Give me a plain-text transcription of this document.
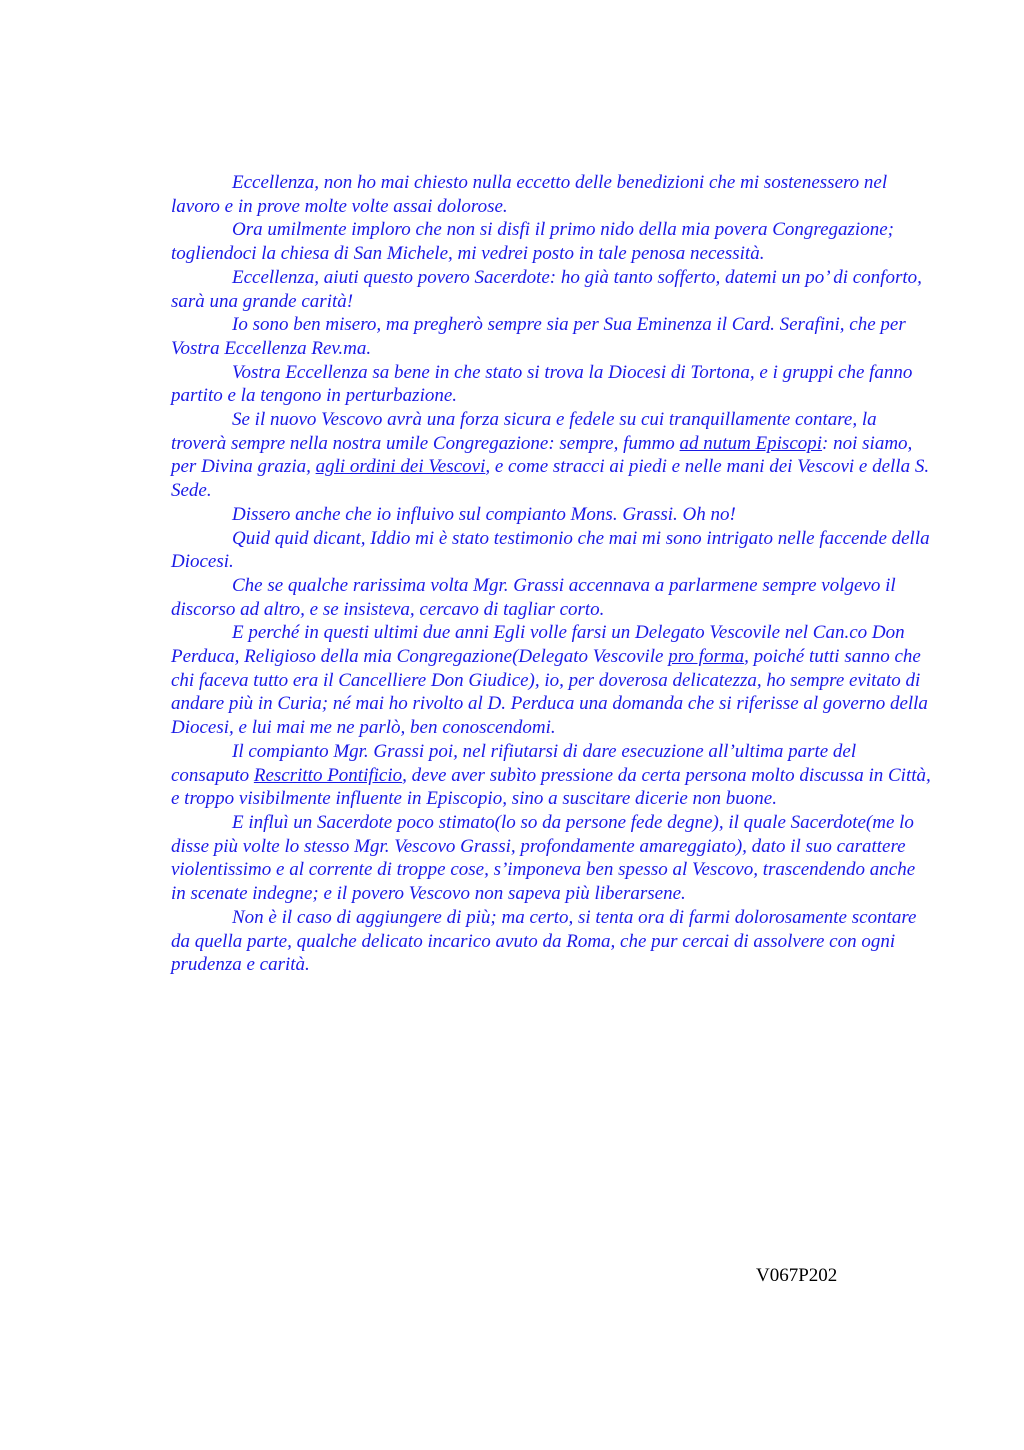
Eccellenza, non ho mai chiesto nulla eccetto delle benedizioni che mi sostenessero nel lavoro e in prove molte volte assai dolorose.

Ora umilmente imploro che non si disfi il primo nido della mia povera Congregazione; togliendoci la chiesa di San Michele, mi vedrei posto in tale penosa necessità.

Eccellenza, aiuti questo povero Sacerdote: ho già tanto sofferto, datemi un po’ di conforto, sarà una grande carità!

Io sono ben misero, ma pregherò sempre sia per Sua Eminenza il Card. Serafini, che per Vostra Eccellenza Rev.ma.

Vostra Eccellenza sa bene in che stato si trova la Diocesi di Tortona, e i gruppi che fanno partito e la tengono in perturbazione.

Se il nuovo Vescovo avrà una forza sicura e fedele su cui tranquillamente contare, la troverà sempre nella nostra umile Congregazione: sempre, fummo ad nutum Episcopi: noi siamo, per Divina grazia, agli ordini dei Vescovi, e come stracci ai piedi e nelle mani dei Vescovi e della S. Sede.

Dissero anche che io influivo sul compianto Mons. Grassi. Oh no!

Quid quid dicant, Iddio mi è stato testimonio che mai mi sono intrigato nelle faccende della Diocesi.

Che se qualche rarissima volta Mgr. Grassi accennava a parlarmene sempre volgevo il discorso ad altro, e se insisteva, cercavo di tagliar corto.

E perché in questi ultimi due anni Egli volle farsi un Delegato Vescovile nel Can.co Don Perduca, Religioso della mia Congregazione(Delegato Vescovile pro forma, poiché tutti sanno che chi faceva tutto era il Cancelliere Don Giudice), io, per doverosa delicatezza, ho sempre evitato di andare più in Curia; né mai ho rivolto al D. Perduca una domanda che si riferisse al governo della Diocesi, e lui mai me ne parlò, ben conoscendomi.

Il compianto Mgr. Grassi poi, nel rifiutarsi di dare esecuzione all’ultima parte del consaputo Rescritto Pontificio, deve aver subìto pressione da certa persona molto discussa in Città, e troppo visibilmente influente in Episcopio, sino a suscitare dicerie non buone.

E influì un Sacerdote poco stimato(lo so da persone fede degne), il quale Sacerdote(me lo disse più volte lo stesso Mgr. Vescovo Grassi, profondamente amareggiato), dato il suo carattere violentissimo e al corrente di troppe cose, s’imponeva ben spesso al Vescovo, trascendendo anche in scenate indegne; e il povero Vescovo non sapeva più liberarsene.

Non è il caso di aggiungere di più; ma certo, si tenta ora di farmi dolorosamente scontare da quella parte, qualche delicato incarico avuto da Roma, che pur cercai di assolvere con ogni prudenza e carità.

V067P202
